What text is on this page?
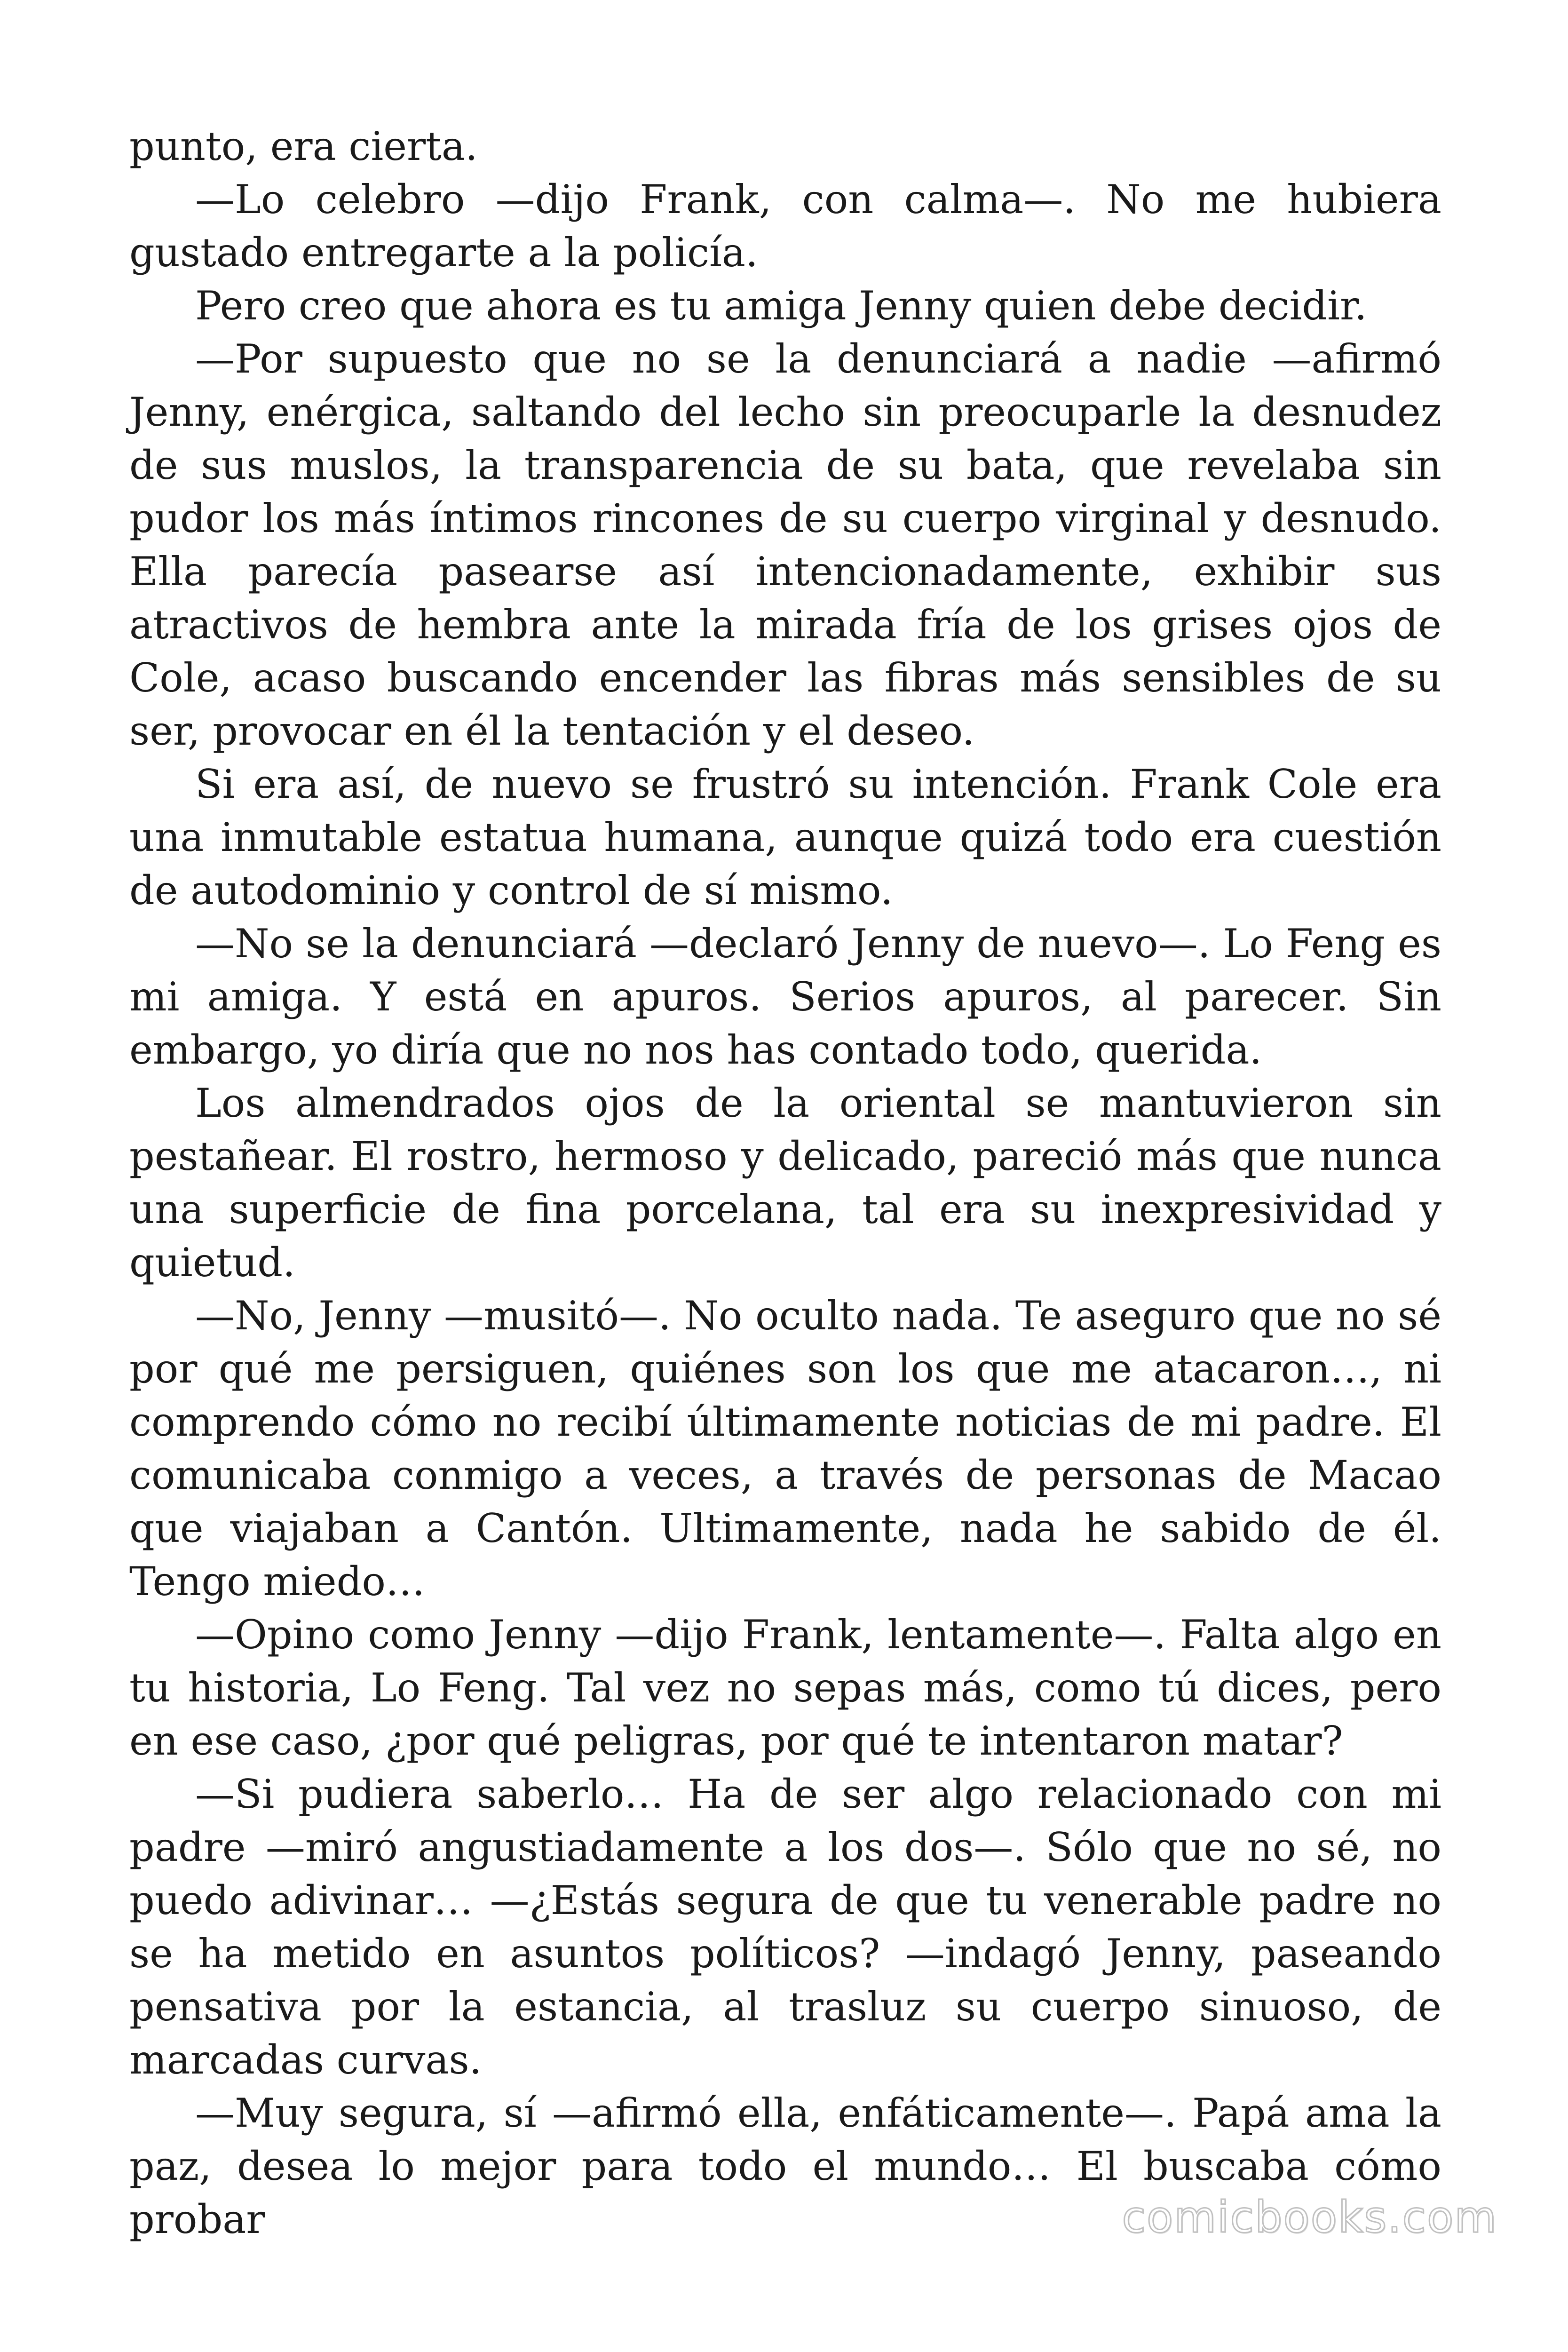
punto, era cierta.

—Lo celebro —dijo Frank, con calma—. No me hubiera gustado entregarte a la policía.

Pero creo que ahora es tu amiga Jenny quien debe decidir.

—Por supuesto que no se la denunciará a nadie —afirmó Jenny, enérgica, saltando del lecho sin preocuparle la desnudez de sus muslos, la transparencia de su bata, que revelaba sin pudor los más íntimos rincones de su cuerpo virginal y desnudo. Ella parecía pasearse así intencionadamente, exhibir sus atractivos de hembra ante la mirada fría de los grises ojos de Cole, acaso buscando encender las fibras más sensibles de su ser, provocar en él la tentación y el deseo.

Si era así, de nuevo se frustró su intención. Frank Cole era una inmutable estatua humana, aunque quizá todo era cuestión de autodominio y control de sí mismo.

—No se la denunciará —declaró Jenny de nuevo—. Lo Feng es mi amiga. Y está en apuros. Serios apuros, al parecer. Sin embargo, yo diría que no nos has contado todo, querida.

Los almendrados ojos de la oriental se mantuvieron sin pestañear. El rostro, hermoso y delicado, pareció más que nunca una superficie de fina porcelana, tal era su inexpresividad y quietud.

—No, Jenny —musitó—. No oculto nada. Te aseguro que no sé por qué me persiguen, quiénes son los que me atacaron…, ni comprendo cómo no recibí últimamente noticias de mi padre. El comunicaba conmigo a veces, a través de personas de Macao que viajaban a Cantón. Ultimamente, nada he sabido de él. Tengo miedo…

—Opino como Jenny —dijo Frank, lentamente—. Falta algo en tu historia, Lo Feng. Tal vez no sepas más, como tú dices, pero en ese caso, ¿por qué peligras, por qué te intentaron matar?

—Si pudiera saberlo… Ha de ser algo relacionado con mi padre —miró angustiadamente a los dos—. Sólo que no sé, no puedo adivinar… —¿Estás segura de que tu venerable padre no se ha metido en asuntos políticos? —indagó Jenny, paseando pensativa por la estancia, al trasluz su cuerpo sinuoso, de marcadas curvas.

—Muy segura, sí —afirmó ella, enfáticamente—. Papá ama la paz, desea lo mejor para todo el mundo… El buscaba cómo probar	comicbooks.com
